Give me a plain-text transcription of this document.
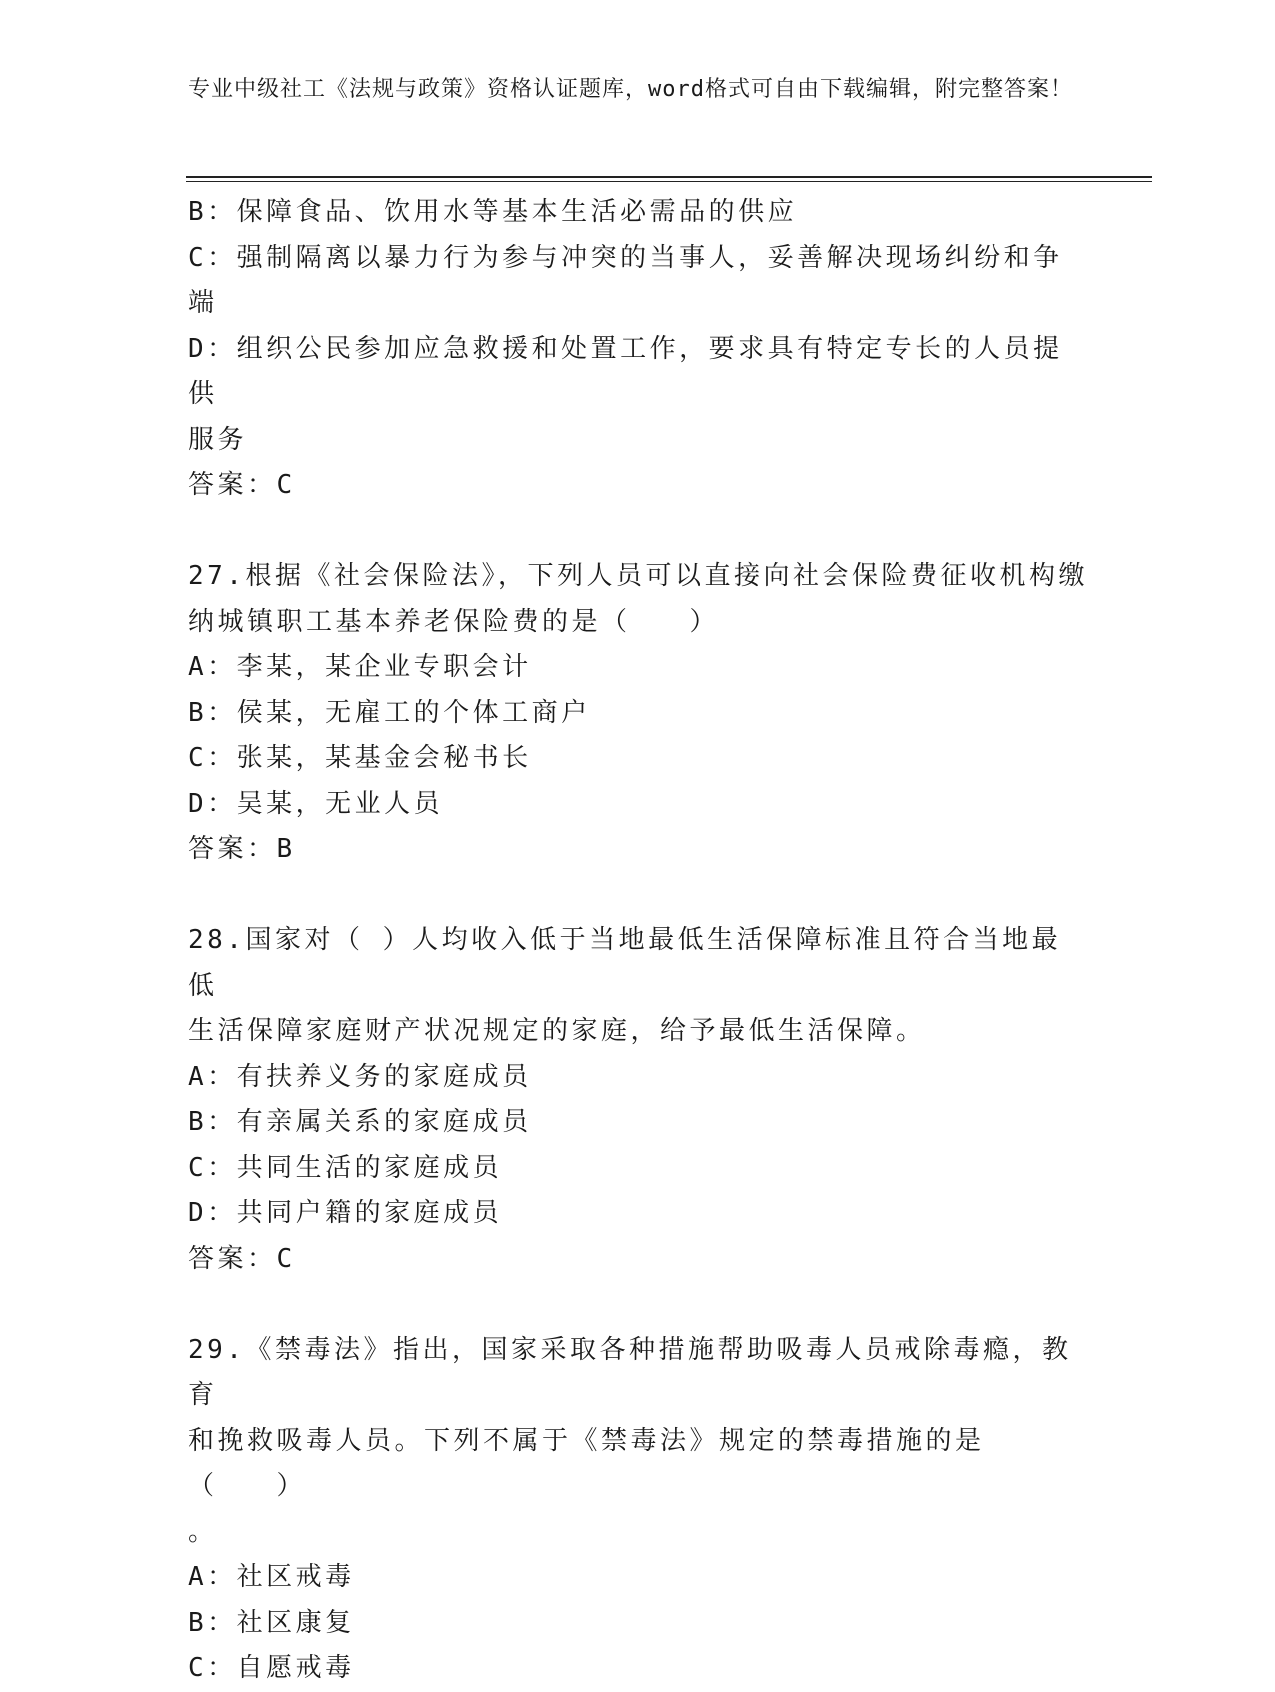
专业中级社工《法规与政策》资格认证题库，word格式可自由下载编辑，附完整答案！

B：保障食品、饮用水等基本生活必需品的供应

C：强制隔离以暴力行为参与冲突的当事人，妥善解决现场纠纷和争端

D：组织公民参加应急救援和处置工作，要求具有特定专长的人员提供

服务

答案：C

27.根据《社会保险法》，下列人员可以直接向社会保险费征收机构缴

纳城镇职工基本养老保险费的是（　　）

A：李某，某企业专职会计

B：侯某，无雇工的个体工商户

C：张某，某基金会秘书长

D：吴某，无业人员

答案：B

28.国家对（ ）人均收入低于当地最低生活保障标准且符合当地最低

生活保障家庭财产状况规定的家庭，给予最低生活保障。

A：有扶养义务的家庭成员

B：有亲属关系的家庭成员

C：共同生活的家庭成员

D：共同户籍的家庭成员

答案：C

29.《禁毒法》指出，国家采取各种措施帮助吸毒人员戒除毒瘾，教育

和挽救吸毒人员。下列不属于《禁毒法》规定的禁毒措施的是（　　）

。

A：社区戒毒

B：社区康复

C：自愿戒毒
